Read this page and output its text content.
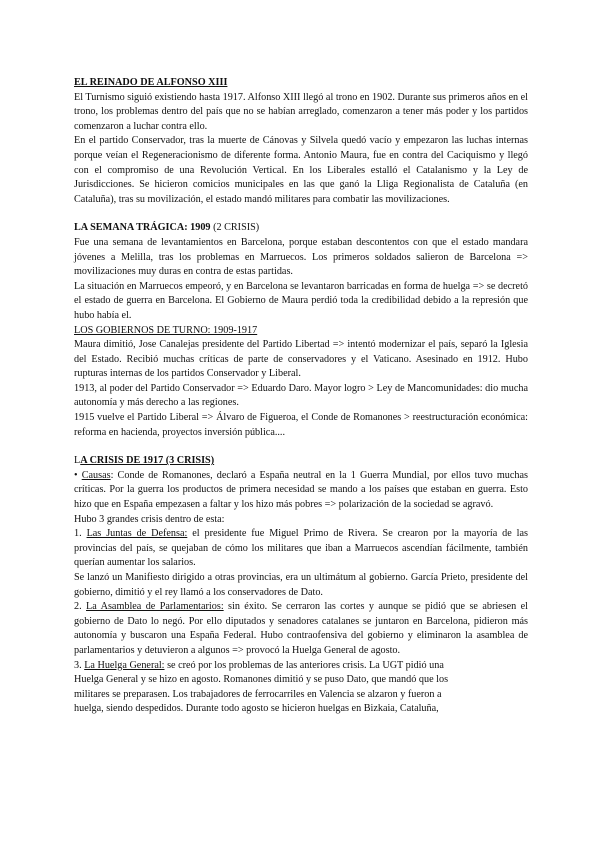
EL REINADO DE ALFONSO XIII

El Turnismo siguió existiendo hasta 1917. Alfonso XIII llegó al trono en 1902. Durante sus primeros años en el trono, los problemas dentro del país que no se habían arreglado, comenzaron a tener más poder y los partidos comenzaron a luchar contra ello.

En el partido Conservador, tras la muerte de Cánovas y Silvela quedó vacío y empezaron las luchas internas porque veían el Regeneracionismo de diferente forma. Antonio Maura, fue en contra del Caciquismo y llegó con el compromiso de una Revolución Vertical. En los Liberales estalló el Catalanismo y la Ley de Jurisdicciones. Se hicieron comicios municipales en las que ganó la Lliga Regionalista de Cataluña (en Cataluña), tras su movilización, el estado mandó militares para combatir las movilizaciones.

LA SEMANA TRÁGICA: 1909 (2 CRISIS)

Fue una semana de levantamientos en Barcelona, porque estaban descontentos con que el estado mandara jóvenes a Melilla, tras los problemas en Marruecos. Los primeros soldados salieron de Barcelona => movilizaciones muy duras en contra de estas partidas.

La situación en Marruecos empeoró, y en Barcelona se levantaron barricadas en forma de huelga => se decretó el estado de guerra en Barcelona. El Gobierno de Maura perdió toda la credibilidad debido a la represión que hubo había el.

LOS GOBIERNOS DE TURNO: 1909-1917

Maura dimitió, Jose Canalejas presidente del Partido Libertad => intentó modernizar el país, separó la Iglesia del Estado. Recibió muchas críticas de parte de conservadores y el Vaticano. Asesinado en 1912. Hubo rupturas internas de los partidos Conservador y Liberal.

1913, al poder del Partido Conservador => Eduardo Daro. Mayor logro > Ley de Mancomunidades: dio mucha autonomía y más derecho a las regiones.

1915 vuelve el Partido Liberal => Álvaro de Figueroa, el Conde de Romanones > reestructuración económica: reforma en hacienda, proyectos inversión pública....

LA CRISIS DE 1917 (3 CRISIS)

• Causas: Conde de Romanones, declaró a España neutral en la 1 Guerra Mundial, por ellos tuvo muchas críticas. Por la guerra los productos de primera necesidad se mando a los países que estaban en guerra. Esto hizo que en España empezasen a faltar y los hizo más pobres => polarización de la sociedad se agravó.

Hubo 3 grandes crisis dentro de esta:

1. Las Juntas de Defensa: el presidente fue Miguel Primo de Rivera. Se crearon por la mayoría de las provincias del país, se quejaban de cómo los militares que iban a Marruecos ascendían fácilmente, también querían aumentar los salarios.

Se lanzó un Manifiesto dirigido a otras provincias, era un ultimátum al gobierno. García Prieto, presidente del gobierno, dimitió y el rey llamó a los conservadores de Dato.

2. La Asamblea de Parlamentarios: sin éxito. Se cerraron las cortes y aunque se pidió que se abriesen el gobierno de Dato lo negó. Por ello diputados y senadores catalanes se juntaron en Barcelona, pidieron más autonomía y buscaron una España Federal. Hubo contraofensiva del gobierno y eliminaron la asamblea de parlamentarios y detuvieron a algunos => provocó la Huelga General de agosto.

3. La Huelga General: se creó por los problemas de las anteriores crisis. La UGT pidió una
Huelga General y se hizo en agosto. Romanones dimitió y se puso Dato, que mandó que los
militares se preparasen. Los trabajadores de ferrocarriles en Valencia se alzaron y fueron a
huelga, siendo despedidos. Durante todo agosto se hicieron huelgas en Bizkaia, Cataluña,
